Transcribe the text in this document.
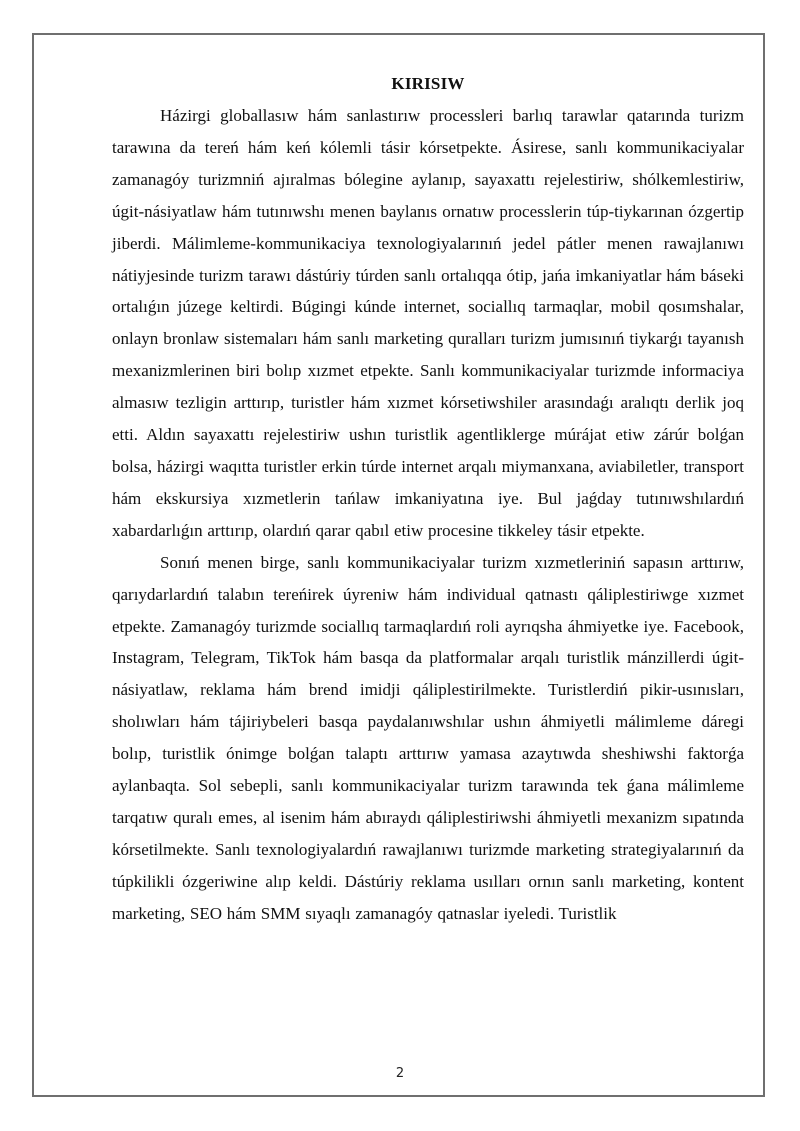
KIRISIW

Házirgi globallasıw hám sanlastırıw processleri barlıq tarawlar qatarında turizm tarawına da tereń hám keń kólemli tásir kórsetpekte. Ásirese, sanlı kommunikaciyalar zamanagóy turizmniń ajıralmas bólegine aylanıp, sayaxattı rejelestiriw, shólkemlestiriw, úgit-násiyatlaw hám tutınıwshı menen baylanıs ornatıw processlerin túp-tiykarınan ózgertip jiberdi. Málimleme-kommunikaciya texnologiyalarınıń jedel pátler menen rawajlanıwı nátiyjesinde turizm tarawı dástúriy túrden sanlı ortalıqqa ótip, jańa imkaniyatlar hám báseki ortalıǵın júzege keltirdi. Búgingi kúnde internet, sociallıq tarmaqlar, mobil qosımshalar, onlayn bronlaw sistemaları hám sanlı marketing quralları turizm jumısınıń tiykarǵı tayanısh mexanizmlerinen biri bolıp xızmet etpekte. Sanlı kommunikaciyalar turizmde informaciya almasıw tezligin arttırıp, turistler hám xızmet kórsetiwshiler arasındaǵı aralıqtı derlik joq etti. Aldın sayaxattı rejelestiriw ushın turistlik agentliklerge múrájat etiw zárúr bolǵan bolsa, házirgi waqıtta turistler erkin túrde internet arqalı miymanxana, aviabiletler, transport hám ekskursiya xızmetlerin tańlaw imkaniyatına iye. Bul jaǵday tutınıwshılardıń xabardarlıǵın arttırıp, olardıń qarar qabıl etiw procesine tikkeley tásir etpekte.

Sonıń menen birge, sanlı kommunikaciyalar turizm xızmetleriniń sapasın arttırıw, qarıydarlardıń talabın tereńirek úyreniw hám individual qatnastı qáliplestiriwge xızmet etpekte. Zamanagóy turizmde sociallıq tarmaqlardıń roli ayrıqsha áhmiyetke iye. Facebook, Instagram, Telegram, TikTok hám basqa da platformalar arqalı turistlik mánzillerdi úgit-násiyatlaw, reklama hám brend imidji qáliplestirilmekte. Turistlerdiń pikir-usınısları, sholıwları hám tájiriybeleri basqa paydalanıwshılar ushın áhmiyetli málimleme dáregi bolıp, turistlik ónimge bolǵan talaptı arttırıw yamasa azaytıwda sheshiwshi faktorǵa aylanbaqta. Sol sebepli, sanlı kommunikaciyalar turizm tarawında tek ǵana málimleme tarqatıw quralı emes, al isenim hám abıraydı qáliplestiriwshi áhmiyetli mexanizm sıpatında kórsetilmekte. Sanlı texnologiyalardıń rawajlanıwı turizmde marketing strategiyalarınıń da túpkilikli ózgeriwine alıp keldi. Dástúriy reklama usılları ornın sanlı marketing, kontent marketing, SEO hám SMM sıyaqlı zamanagóy qatnaslar iyeledi. Turistlik

2
